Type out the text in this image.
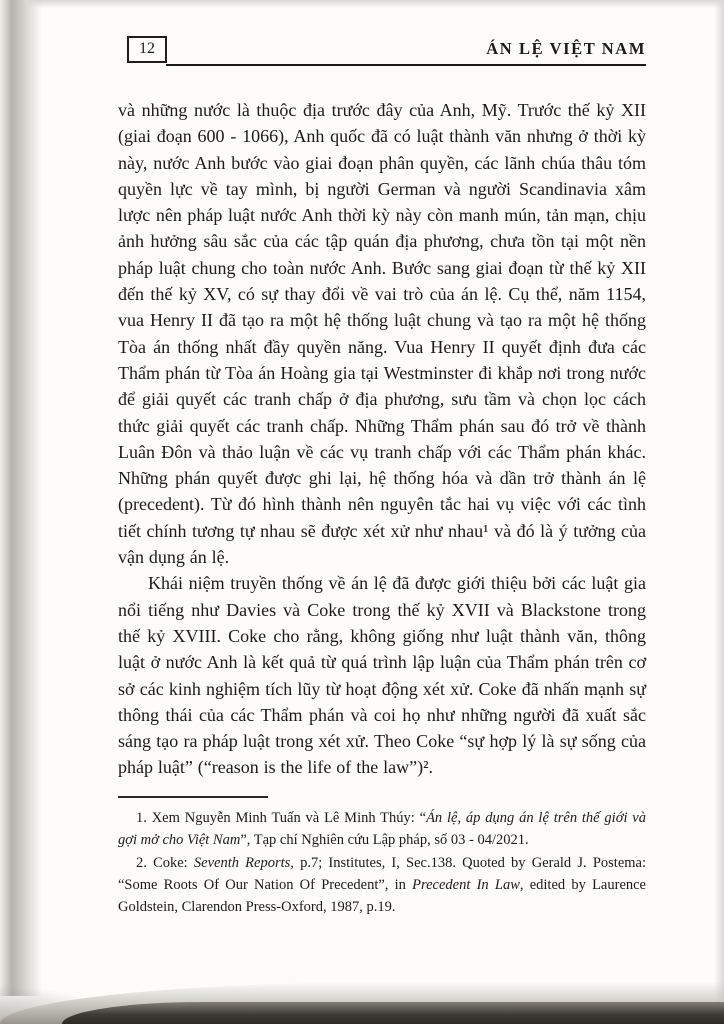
12	ÁN LỆ VIỆT NAM

và những nước là thuộc địa trước đây của Anh, Mỹ. Trước thế kỷ XII (giai đoạn 600 - 1066), Anh quốc đã có luật thành văn nhưng ở thời kỳ này, nước Anh bước vào giai đoạn phân quyền, các lãnh chúa thâu tóm quyền lực về tay mình, bị người German và người Scandinavia xâm lược nên pháp luật nước Anh thời kỳ này còn manh mún, tản mạn, chịu ảnh hưởng sâu sắc của các tập quán địa phương, chưa tồn tại một nền pháp luật chung cho toàn nước Anh. Bước sang giai đoạn từ thế kỷ XII đến thế kỷ XV, có sự thay đổi về vai trò của án lệ. Cụ thể, năm 1154, vua Henry II đã tạo ra một hệ thống luật chung và tạo ra một hệ thống Tòa án thống nhất đầy quyền năng. Vua Henry II quyết định đưa các Thẩm phán từ Tòa án Hoàng gia tại Westminster đi khắp nơi trong nước để giải quyết các tranh chấp ở địa phương, sưu tầm và chọn lọc cách thức giải quyết các tranh chấp. Những Thẩm phán sau đó trở về thành Luân Đôn và thảo luận về các vụ tranh chấp với các Thẩm phán khác. Những phán quyết được ghi lại, hệ thống hóa và dần trở thành án lệ (precedent). Từ đó hình thành nên nguyên tắc hai vụ việc với các tình tiết chính tương tự nhau sẽ được xét xử như nhau¹ và đó là ý tưởng của vận dụng án lệ.

Khái niệm truyền thống về án lệ đã được giới thiệu bởi các luật gia nổi tiếng như Davies và Coke trong thế kỷ XVII và Blackstone trong thế kỷ XVIII. Coke cho rằng, không giống như luật thành văn, thông luật ở nước Anh là kết quả từ quá trình lập luận của Thẩm phán trên cơ sở các kinh nghiệm tích lũy từ hoạt động xét xử. Coke đã nhấn mạnh sự thông thái của các Thẩm phán và coi họ như những người đã xuất sắc sáng tạo ra pháp luật trong xét xử. Theo Coke “sự hợp lý là sự sống của pháp luật” (“reason is the life of the law”)².

1. Xem Nguyễn Minh Tuấn và Lê Minh Thúy: “Án lệ, áp dụng án lệ trên thế giới và gợi mở cho Việt Nam”, Tạp chí Nghiên cứu Lập pháp, số 03 - 04/2021.

2. Coke: Seventh Reports, p.7; Institutes, I, Sec.138. Quoted by Gerald J. Postema: “Some Roots Of Our Nation Of Precedent”, in Precedent In Law, edited by Laurence Goldstein, Clarendon Press-Oxford, 1987, p.19.
